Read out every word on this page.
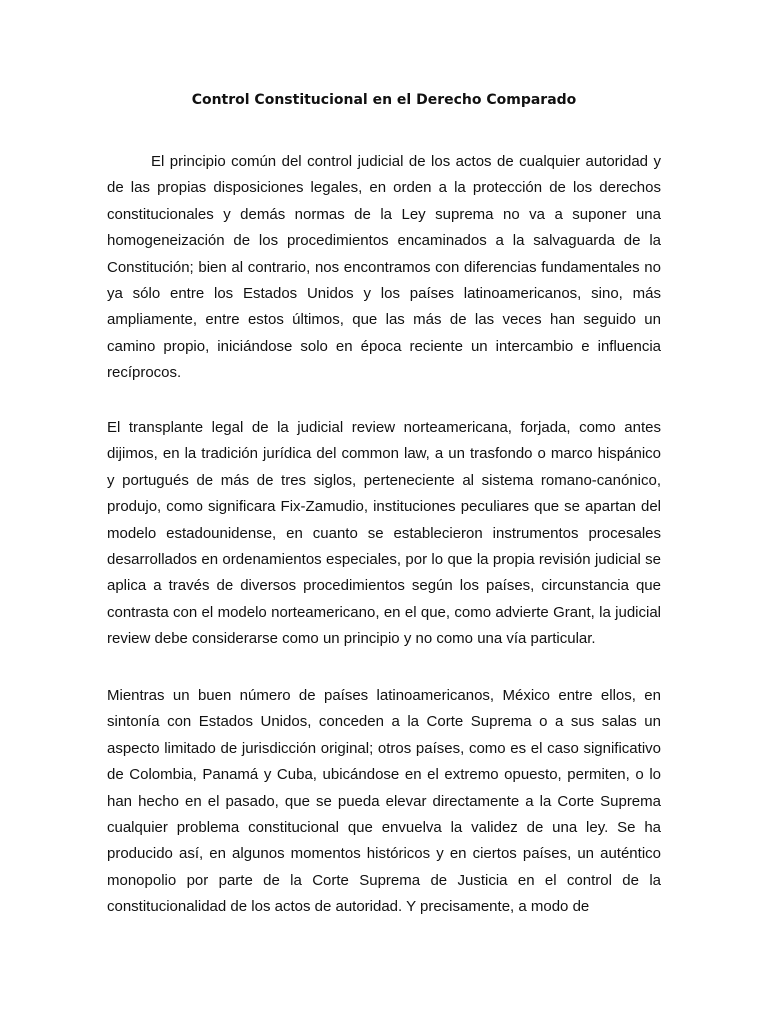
Control Constitucional en el Derecho Comparado

El principio común del control judicial de los actos de cualquier autoridad y de las propias disposiciones legales, en orden a la protección de los derechos constitucionales y demás normas de la Ley suprema no va a suponer una homogeneización de los procedimientos encaminados a la salvaguarda de la Constitución; bien al contrario, nos encontramos con diferencias fundamentales no ya sólo entre los Estados Unidos y los países latinoamericanos, sino, más ampliamente, entre estos últimos, que las más de las veces han seguido un camino propio, iniciándose solo en época reciente un intercambio e influencia recíprocos.

El transplante legal de la judicial review norteamericana, forjada, como antes dijimos, en la tradición jurídica del common law, a un trasfondo o marco hispánico y portugués de más de tres siglos, perteneciente al sistema romano-canónico, produjo, como significara Fix-Zamudio, instituciones peculiares que se apartan del modelo estadounidense, en cuanto se establecieron instrumentos procesales desarrollados en ordenamientos especiales, por lo que la propia revisión judicial se aplica a través de diversos procedimientos según los países, circunstancia que contrasta con el modelo norteamericano, en el que, como advierte Grant, la judicial review debe considerarse como un principio y no como una vía particular.

Mientras un buen número de países latinoamericanos, México entre ellos, en sintonía con Estados Unidos, conceden a la Corte Suprema o a sus salas un aspecto limitado de jurisdicción original; otros países, como es el caso significativo de Colombia, Panamá y Cuba, ubicándose en el extremo opuesto, permiten, o lo han hecho en el pasado, que se pueda elevar directamente a la Corte Suprema cualquier problema constitucional que envuelva la validez de una ley. Se ha producido así, en algunos momentos históricos y en ciertos países, un auténtico monopolio por parte de la Corte Suprema de Justicia en el control de la constitucionalidad de los actos de autoridad. Y precisamente, a modo de
